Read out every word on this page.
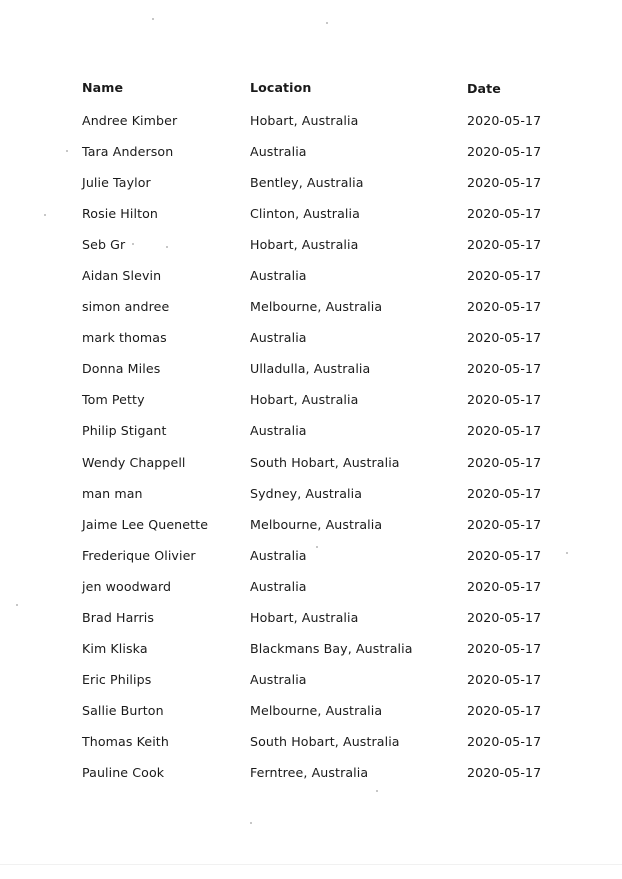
Name	Location	Date
Andree Kimber	Hobart, Australia	2020-05-17
Tara Anderson	Australia	2020-05-17
Julie Taylor	Bentley, Australia	2020-05-17
Rosie Hilton	Clinton, Australia	2020-05-17
Seb Gr	Hobart, Australia	2020-05-17
Aidan Slevin	Australia	2020-05-17
simon andree	Melbourne, Australia	2020-05-17
mark thomas	Australia	2020-05-17
Donna Miles	Ulladulla, Australia	2020-05-17
Tom Petty	Hobart, Australia	2020-05-17
Philip Stigant	Australia	2020-05-17
Wendy Chappell	South Hobart, Australia	2020-05-17
man man	Sydney, Australia	2020-05-17
Jaime Lee Quenette	Melbourne, Australia	2020-05-17
Frederique Olivier	Australia	2020-05-17
jen woodward	Australia	2020-05-17
Brad Harris	Hobart, Australia	2020-05-17
Kim Kliska	Blackmans Bay, Australia	2020-05-17
Eric Philips	Australia	2020-05-17
Sallie Burton	Melbourne, Australia	2020-05-17
Thomas Keith	South Hobart, Australia	2020-05-17
Pauline Cook	Ferntree, Australia	2020-05-17
